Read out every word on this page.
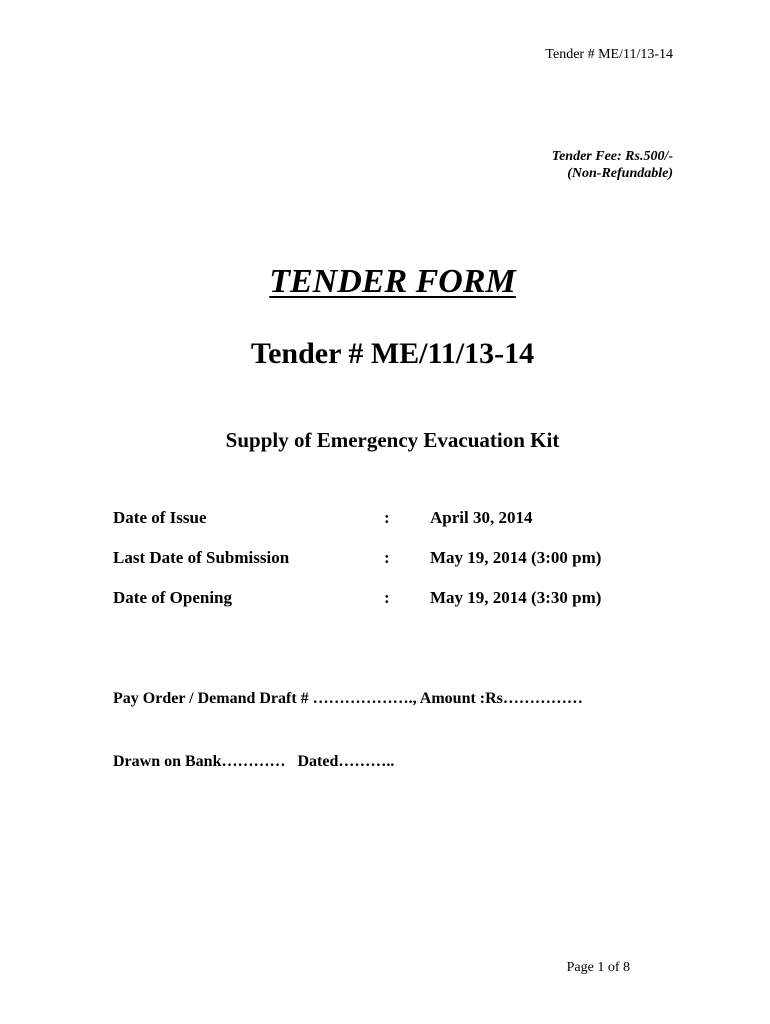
Tender # ME/11/13-14
Tender Fee: Rs.500/-
(Non-Refundable)
TENDER FORM
Tender # ME/11/13-14
Supply of Emergency Evacuation Kit
Date of Issue	: April 30, 2014
Last Date of Submission	: May 19, 2014 (3:00 pm)
Date of Opening	: May 19, 2014 (3:30 pm)
Pay Order / Demand Draft # ………………., Amount :Rs……………
Drawn on Bank………… Dated………..
Page 1 of 8
